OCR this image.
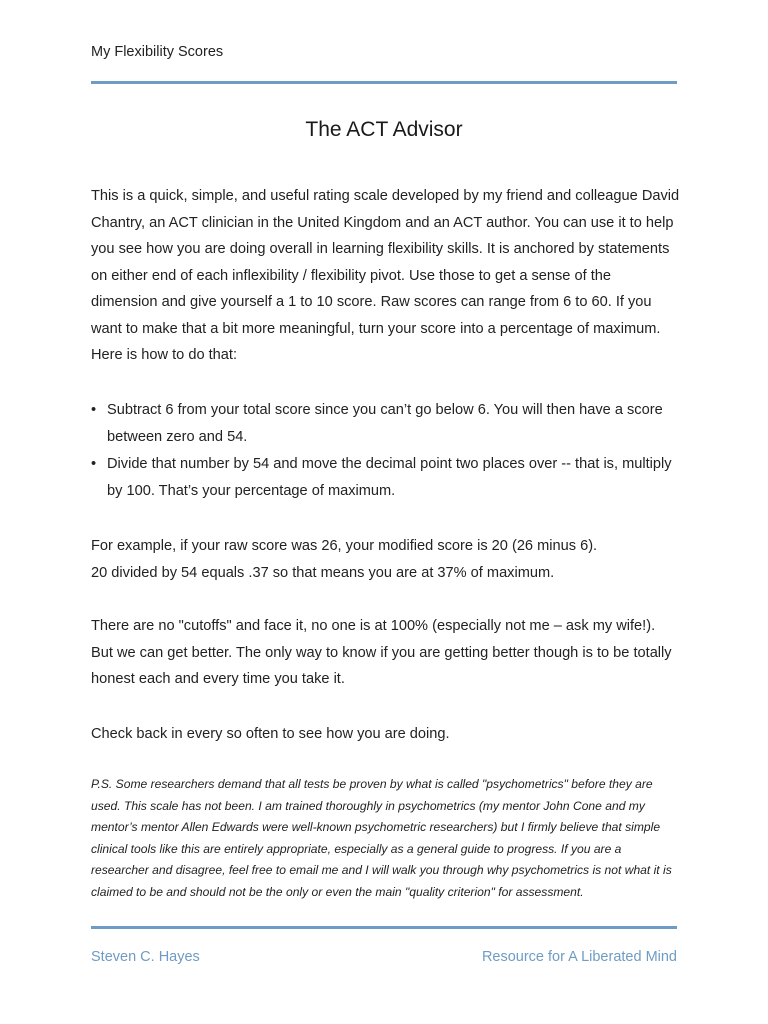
My Flexibility Scores
The ACT Advisor

This is a quick, simple, and useful rating scale developed by my friend and colleague David Chantry, an ACT clinician in the United Kingdom and an ACT author. You can use it to help you see how you are doing overall in learning flexibility skills. It is anchored by statements on either end of each inflexibility / flexibility pivot. Use those to get a sense of the dimension and give yourself a 1 to 10 score. Raw scores can range from 6 to 60. If you want to make that a bit more meaningful, turn your score into a percentage of maximum. Here is how to do that:

• Subtract 6 from your total score since you can’t go below 6. You will then have a score between zero and 54.
• Divide that number by 54 and move the decimal point two places over -- that is, multiply by 100. That’s your percentage of maximum.
For example, if your raw score was 26, your modified score is 20 (26 minus 6).
20 divided by 54 equals .37 so that means you are at 37% of maximum.

There are no "cutoffs" and face it, no one is at 100% (especially not me – ask my wife!). But we can get better. The only way to know if you are getting better though is to be totally honest each and every time you take it.

Check back in every so often to see how you are doing.

P.S. Some researchers demand that all tests be proven by what is called "psychometrics" before they are used. This scale has not been. I am trained thoroughly in psychometrics (my mentor John Cone and my mentor’s mentor Allen Edwards were well-known psychometric researchers) but I firmly believe that simple clinical tools like this are entirely appropriate, especially as a general guide to progress. If you are a researcher and disagree, feel free to email me and I will walk you through why psychometrics is not what it is claimed to be and should not be the only or even the main "quality criterion" for assessment.

Steven C. Hayes	Resource for A Liberated Mind
